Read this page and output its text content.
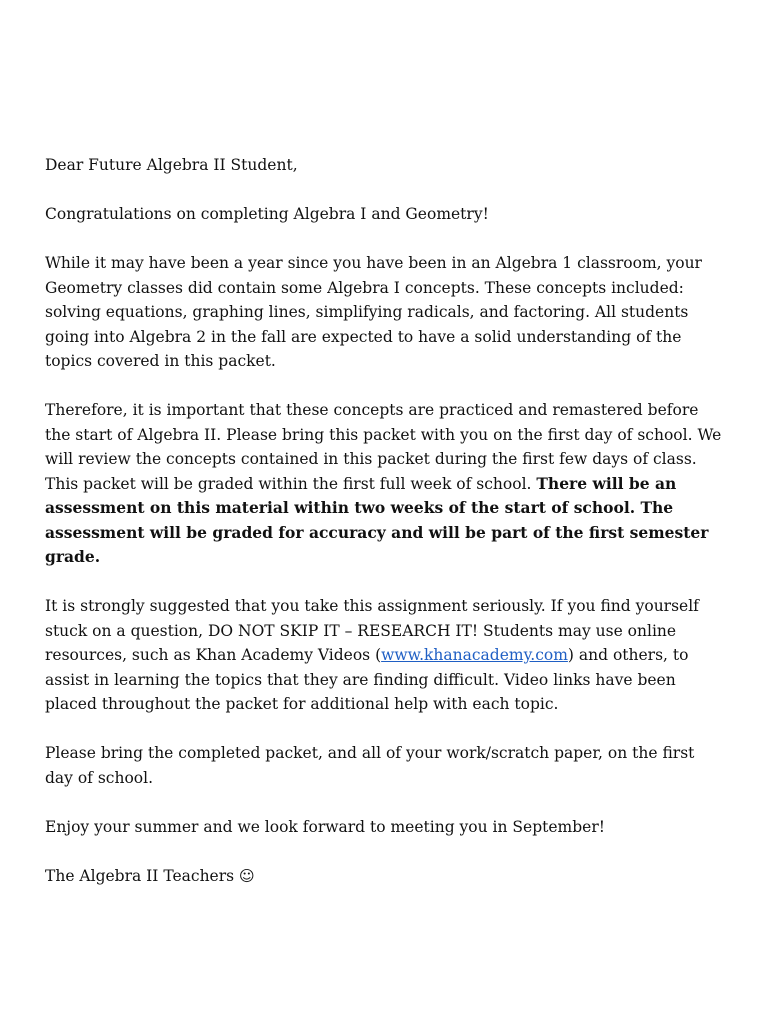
Dear Future Algebra II Student,

Congratulations on completing Algebra I and Geometry!

While it may have been a year since you have been in an Algebra 1 classroom, your Geometry classes did contain some Algebra I concepts. These concepts included: solving equations, graphing lines, simplifying radicals, and factoring. All students going into Algebra 2 in the fall are expected to have a solid understanding of the topics covered in this packet.

Therefore, it is important that these concepts are practiced and remastered before the start of Algebra II. Please bring this packet with you on the first day of school. We will review the concepts contained in this packet during the first few days of class. This packet will be graded within the first full week of school. There will be an assessment on this material within two weeks of the start of school. The assessment will be graded for accuracy and will be part of the first semester grade.

It is strongly suggested that you take this assignment seriously. If you find yourself stuck on a question, DO NOT SKIP IT – RESEARCH IT! Students may use online resources, such as Khan Academy Videos (www.khanacademy.com) and others, to assist in learning the topics that they are finding difficult. Video links have been placed throughout the packet for additional help with each topic.

Please bring the completed packet, and all of your work/scratch paper, on the first day of school.

Enjoy your summer and we look forward to meeting you in September!

The Algebra II Teachers ☺
